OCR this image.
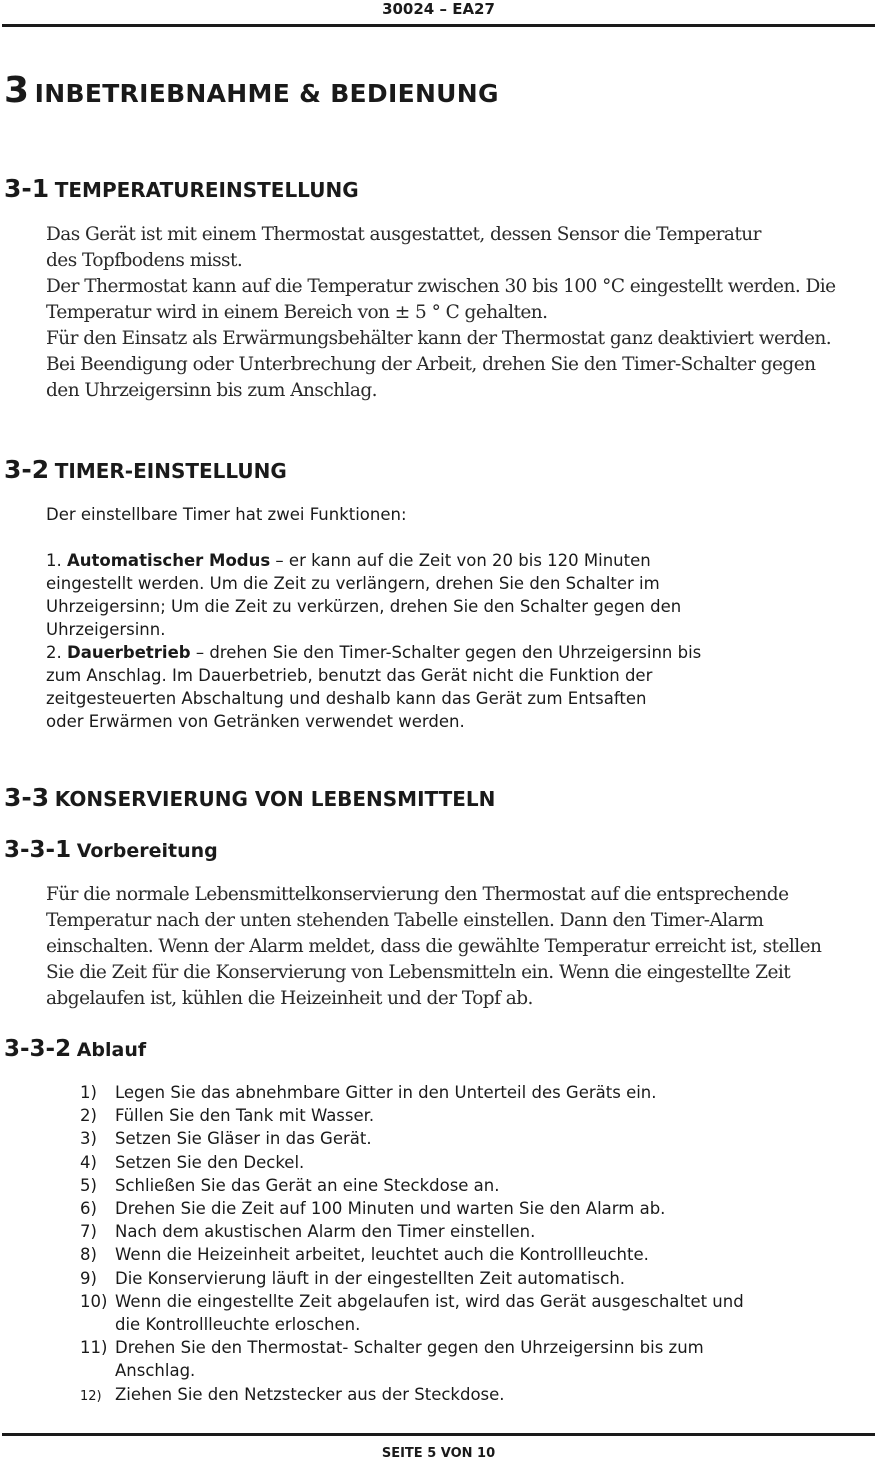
30024 – EA27
3 INBETRIEBNAHME & BEDIENUNG
3-1 TEMPERATUREINSTELLUNG
Das Gerät ist mit einem Thermostat ausgestattet, dessen Sensor die Temperatur
des Topfbodens misst.
Der Thermostat kann auf die Temperatur zwischen 30 bis 100 °C eingestellt werden. Die
Temperatur wird in einem Bereich von ± 5 ° C gehalten.
Für den Einsatz als Erwärmungsbehälter kann der Thermostat ganz deaktiviert werden.
Bei Beendigung oder Unterbrechung der Arbeit, drehen Sie den Timer-Schalter gegen
den Uhrzeigersinn bis zum Anschlag.
3-2 TIMER-EINSTELLUNG
Der einstellbare Timer hat zwei Funktionen:
1. Automatischer Modus – er kann auf die Zeit von 20 bis 120 Minuten
eingestellt werden. Um die Zeit zu verlängern, drehen Sie den Schalter im
Uhrzeigersinn; Um die Zeit zu verkürzen, drehen Sie den Schalter gegen den
Uhrzeigersinn.
2. Dauerbetrieb – drehen Sie den Timer-Schalter gegen den Uhrzeigersinn bis
zum Anschlag. Im Dauerbetrieb, benutzt das Gerät nicht die Funktion der
zeitgesteuerten Abschaltung und deshalb kann das Gerät zum Entsaften
oder Erwärmen von Getränken verwendet werden.
3-3 KONSERVIERUNG VON LEBENSMITTELN
3-3-1 Vorbereitung
Für die normale Lebensmittelkonservierung den Thermostat auf die entsprechende
Temperatur nach der unten stehenden Tabelle einstellen. Dann den Timer-Alarm
einschalten. Wenn der Alarm meldet, dass die gewählte Temperatur erreicht ist, stellen
Sie die Zeit für die Konservierung von Lebensmitteln ein. Wenn die eingestellte Zeit
abgelaufen ist, kühlen die Heizeinheit und der Topf ab.
3-3-2 Ablauf
1) Legen Sie das abnehmbare Gitter in den Unterteil des Geräts ein.
2) Füllen Sie den Tank mit Wasser.
3) Setzen Sie Gläser in das Gerät.
4) Setzen Sie den Deckel.
5) Schließen Sie das Gerät an eine Steckdose an.
6) Drehen Sie die Zeit auf 100 Minuten und warten Sie den Alarm ab.
7) Nach dem akustischen Alarm den Timer einstellen.
8) Wenn die Heizeinheit arbeitet, leuchtet auch die Kontrollleuchte.
9) Die Konservierung läuft in der eingestellten Zeit automatisch.
10) Wenn die eingestellte Zeit abgelaufen ist, wird das Gerät ausgeschaltet und
die Kontrollleuchte erloschen.
11) Drehen Sie den Thermostat- Schalter gegen den Uhrzeigersinn bis zum
Anschlag.
12) Ziehen Sie den Netzstecker aus der Steckdose.
SEITE 5 VON 10
